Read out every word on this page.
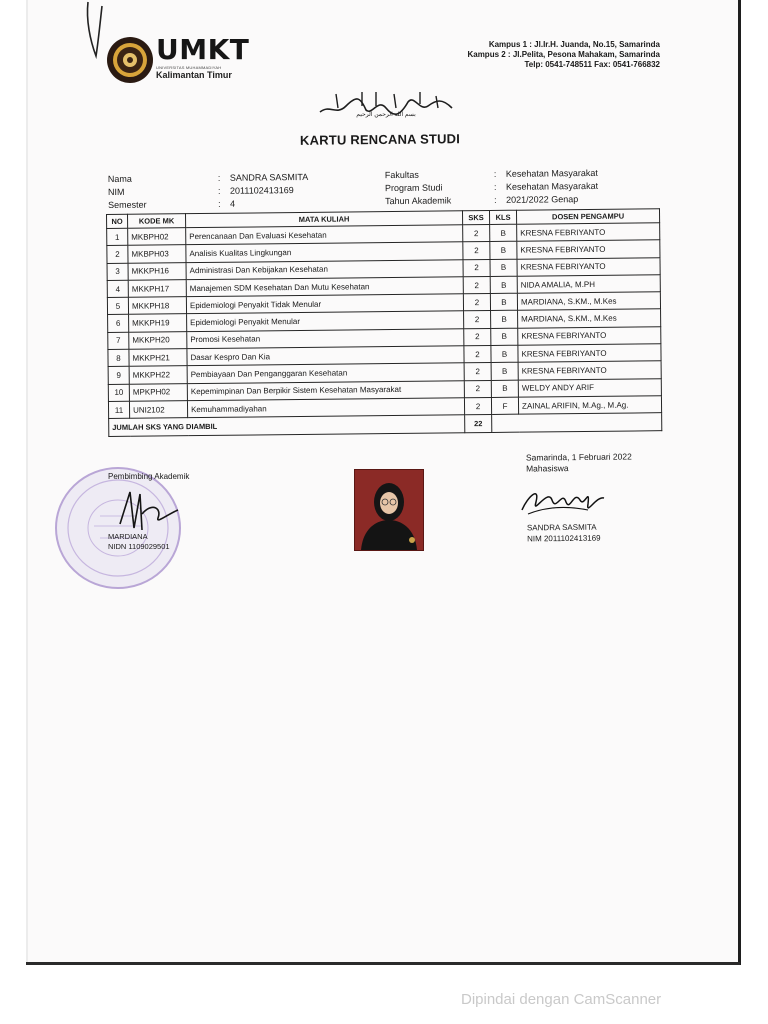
UMKT
UNIVERSITAS MUHAMMADIYAH
Kalimantan Timur
Kampus 1 : Jl.Ir.H. Juanda, No.15, Samarinda
Kampus 2 : Jl.Pelita, Pesona Mahakam, Samarinda
Telp: 0541-748511 Fax: 0541-766832
بسم الله الرحمن الرحيم
KARTU RENCANA STUDI
Nama	:	SANDRA SASMITA
NIM	:	2011102413169
Semester	:	4
Fakultas	:	Kesehatan Masyarakat
Program Studi	:	Kesehatan Masyarakat
Tahun Akademik	:	2021/2022 Genap
NO	KODE MK	MATA KULIAH	SKS	KLS	DOSEN PENGAMPU
1	MKBPH02	Perencanaan Dan Evaluasi Kesehatan	2	B	KRESNA FEBRIYANTO
2	MKBPH03	Analisis Kualitas Lingkungan	2	B	KRESNA FEBRIYANTO
3	MKKPH16	Administrasi Dan Kebijakan Kesehatan	2	B	KRESNA FEBRIYANTO
4	MKKPH17	Manajemen SDM Kesehatan Dan Mutu Kesehatan	2	B	NIDA AMALIA, M.PH
5	MKKPH18	Epidemiologi Penyakit Tidak Menular	2	B	MARDIANA, S.KM., M.Kes
6	MKKPH19	Epidemiologi Penyakit Menular	2	B	MARDIANA, S.KM., M.Kes
7	MKKPH20	Promosi Kesehatan	2	B	KRESNA FEBRIYANTO
8	MKKPH21	Dasar Kespro Dan Kia	2	B	KRESNA FEBRIYANTO
9	MKKPH22	Pembiayaan Dan Penganggaran Kesehatan	2	B	KRESNA FEBRIYANTO
10	MPKPH02	Kepemimpinan Dan Berpikir Sistem Kesehatan Masyarakat	2	B	WELDY ANDY ARIF
11	UNI2102	Kemuhammadiyahan	2	F	ZAINAL ARIFIN, M.Ag., M.Ag.
JUMLAH SKS YANG DIAMBIL			22		
Pembimbing Akademik
MARDIANA
NIDN 1109029501
Samarinda, 1 Februari 2022
Mahasiswa
SANDRA SASMITA
NIM 2011102413169
Dipindai dengan CamScanner
